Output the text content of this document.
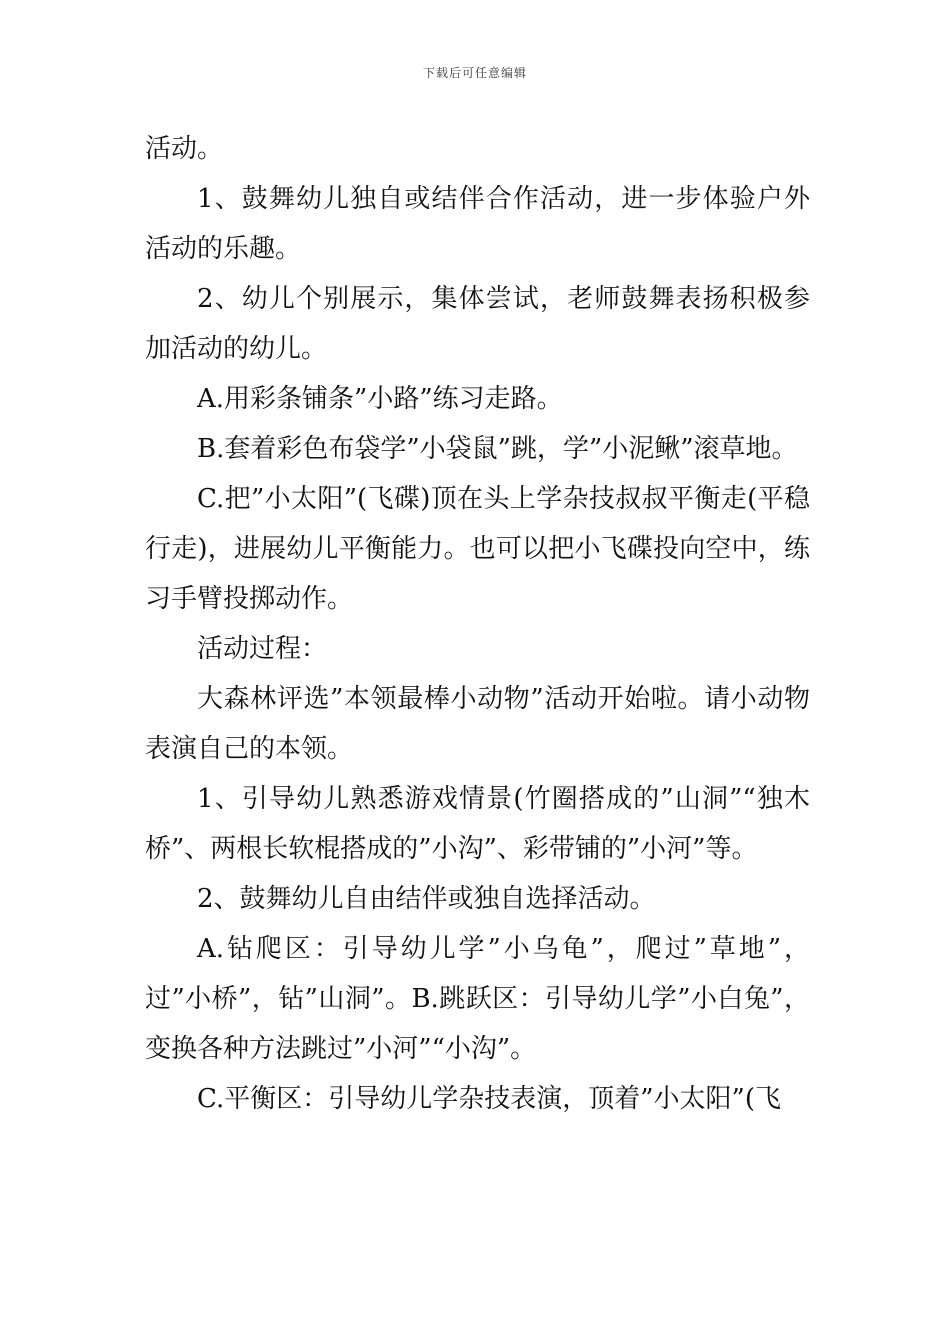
下载后可任意编辑

活动。

1、鼓舞幼儿独自或结伴合作活动，进一步体验户外活动的乐趣。

2、幼儿个别展示，集体尝试，老师鼓舞表扬积极参加活动的幼儿。

A.用彩条铺条”小路”练习走路。

B.套着彩色布袋学”小袋鼠”跳，学”小泥鳅”滚草地。

C.把”小太阳”(飞碟)顶在头上学杂技叔叔平衡走(平稳行走)，进展幼儿平衡能力。也可以把小飞碟投向空中，练习手臂投掷动作。

活动过程：

大森林评选”本领最棒小动物”活动开始啦。请小动物表演自己的本领。

1、引导幼儿熟悉游戏情景(竹圈搭成的”山洞”“独木桥”、两根长软棍搭成的”小沟”、彩带铺的”小河”等。

2、鼓舞幼儿自由结伴或独自选择活动。

A.钻爬区：引导幼儿学”小乌龟”，爬过”草地”，过”小桥”，钻”山洞”。B.跳跃区：引导幼儿学”小白兔”，变换各种方法跳过”小河”“小沟”。

C.平衡区：引导幼儿学杂技表演，顶着”小太阳”(飞
